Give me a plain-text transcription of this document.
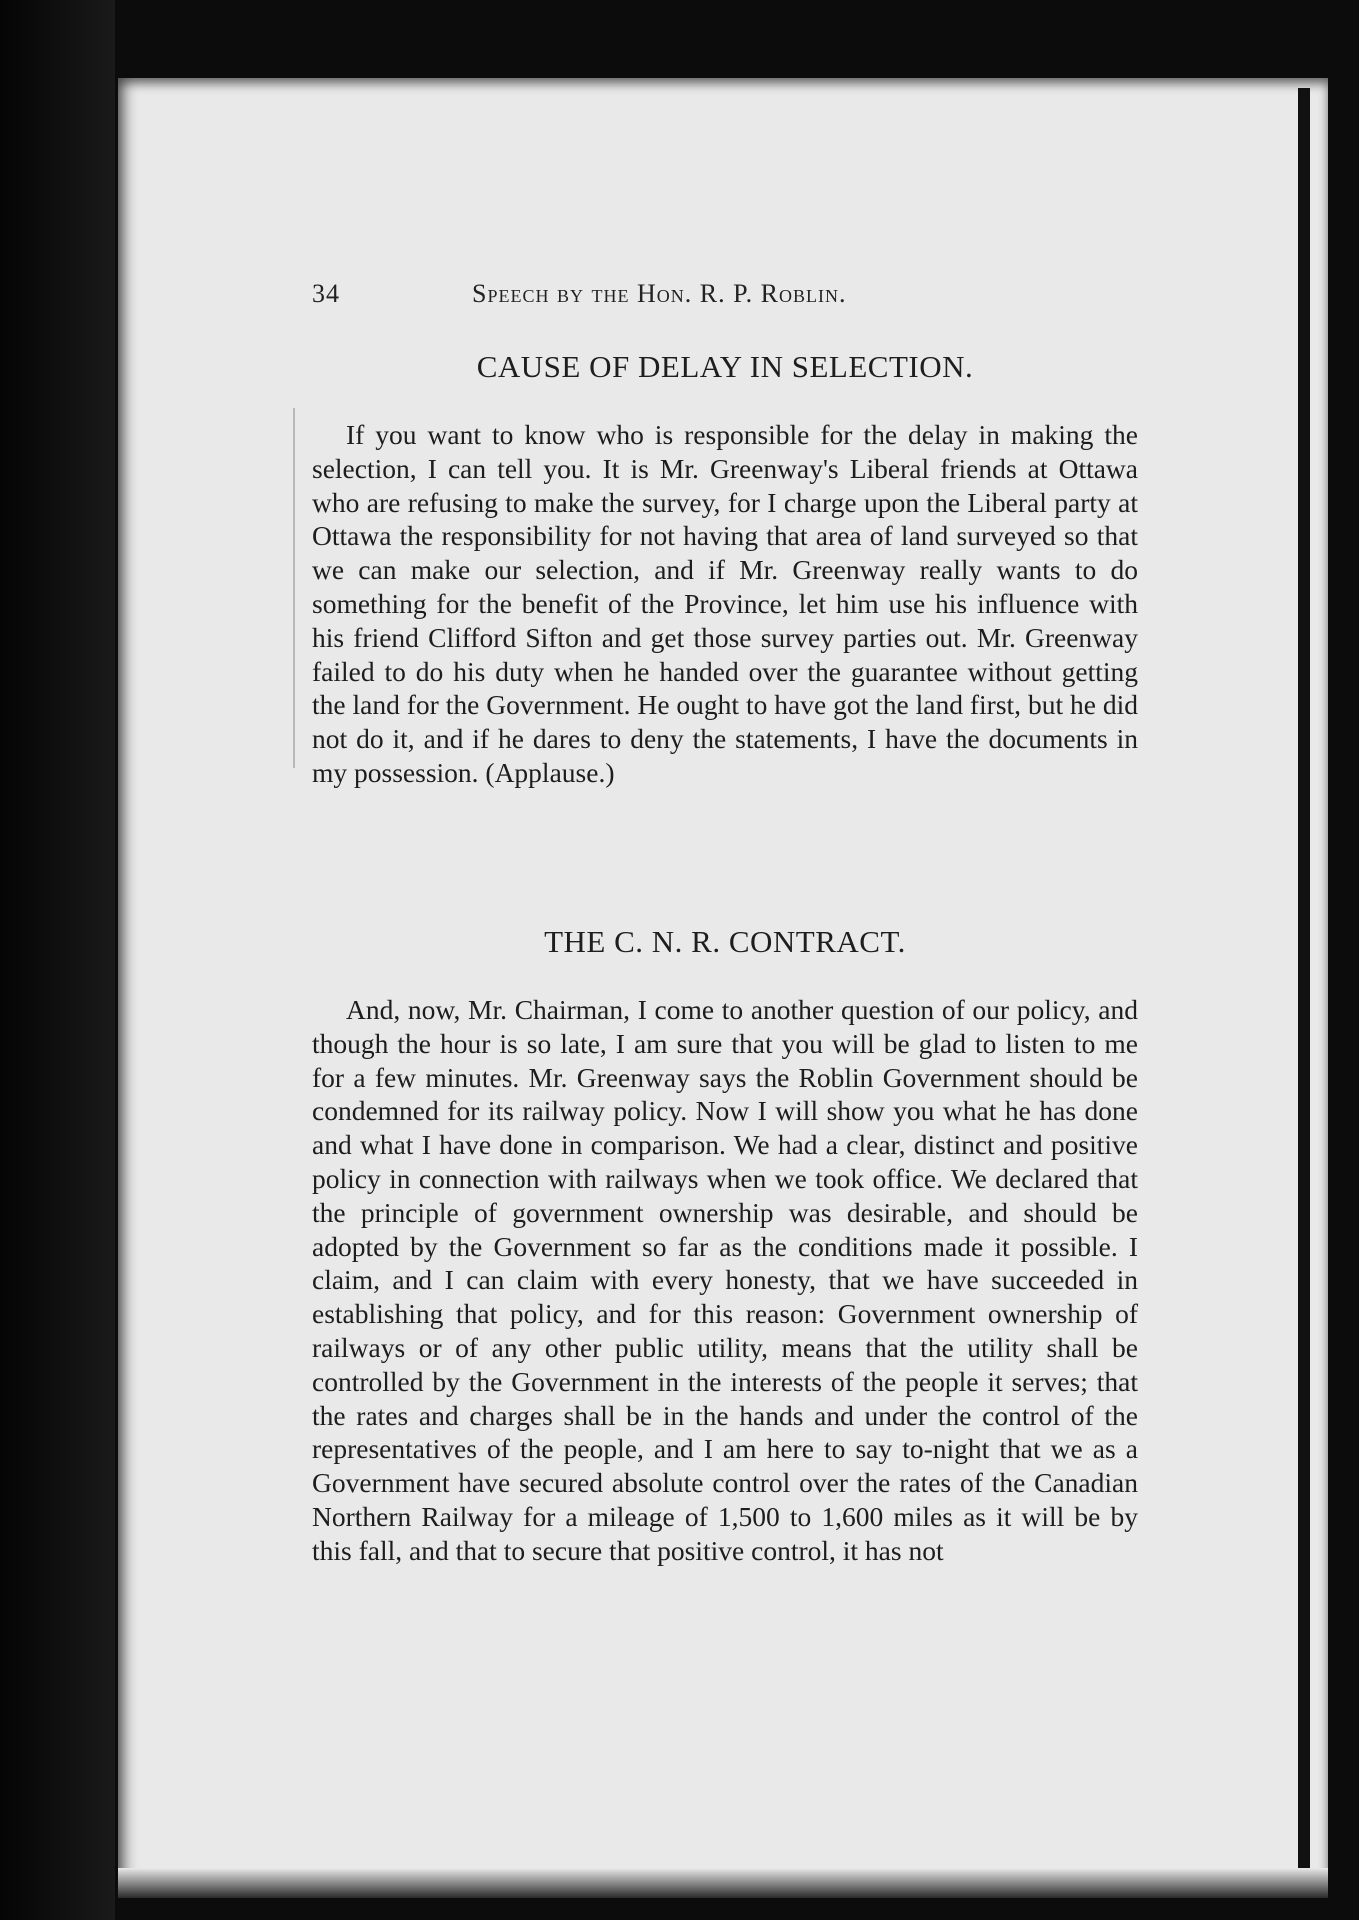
34	Speech by the Hon. R. P. Roblin.
CAUSE OF DELAY IN SELECTION.

If you want to know who is responsible for the delay in making the selection, I can tell you. It is Mr. Greenway's Liberal friends at Ottawa who are refusing to make the survey, for I charge upon the Liberal party at Ottawa the responsibility for not having that area of land surveyed so that we can make our selection, and if Mr. Greenway really wants to do something for the benefit of the Province, let him use his influence with his friend Clifford Sifton and get those survey parties out. Mr. Greenway failed to do his duty when he handed over the guarantee without getting the land for the Government. He ought to have got the land first, but he did not do it, and if he dares to deny the statements, I have the documents in my possession. (Applause.)

THE C. N. R. CONTRACT.

And, now, Mr. Chairman, I come to another question of our policy, and though the hour is so late, I am sure that you will be glad to listen to me for a few minutes. Mr. Greenway says the Roblin Government should be condemned for its railway policy. Now I will show you what he has done and what I have done in comparison. We had a clear, distinct and positive policy in connection with railways when we took office. We declared that the principle of government ownership was desirable, and should be adopted by the Government so far as the conditions made it possible. I claim, and I can claim with every honesty, that we have succeeded in establishing that policy, and for this reason: Government ownership of railways or of any other public utility, means that the utility shall be controlled by the Government in the interests of the people it serves; that the rates and charges shall be in the hands and under the control of the representatives of the people, and I am here to say to-night that we as a Government have secured absolute control over the rates of the Canadian Northern Railway for a mileage of 1,500 to 1,600 miles as it will be by this fall, and that to secure that positive control, it has not
